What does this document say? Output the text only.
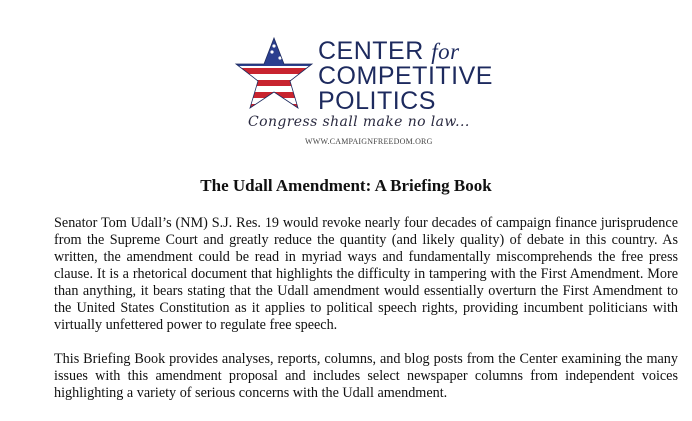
CENTER for
COMPETITIVE
POLITICS
Congress shall make no law...
WWW.CAMPAIGNFREEDOM.ORG
The Udall Amendment: A Briefing Book

Senator Tom Udall’s (NM) S.J. Res. 19 would revoke nearly four decades of campaign finance jurisprudence from the Supreme Court and greatly reduce the quantity (and likely quality) of debate in this country. As written, the amendment could be read in myriad ways and fundamentally miscomprehends the free press clause. It is a rhetorical document that highlights the difficulty in tampering with the First Amendment. More than anything, it bears stating that the Udall amendment would essentially overturn the First Amendment to the United States Constitution as it applies to political speech rights, providing incumbent politicians with virtually unfettered power to regulate free speech.

This Briefing Book provides analyses, reports, columns, and blog posts from the Center examining the many issues with this amendment proposal and includes select newspaper columns from independent voices highlighting a variety of serious concerns with the Udall amendment.
